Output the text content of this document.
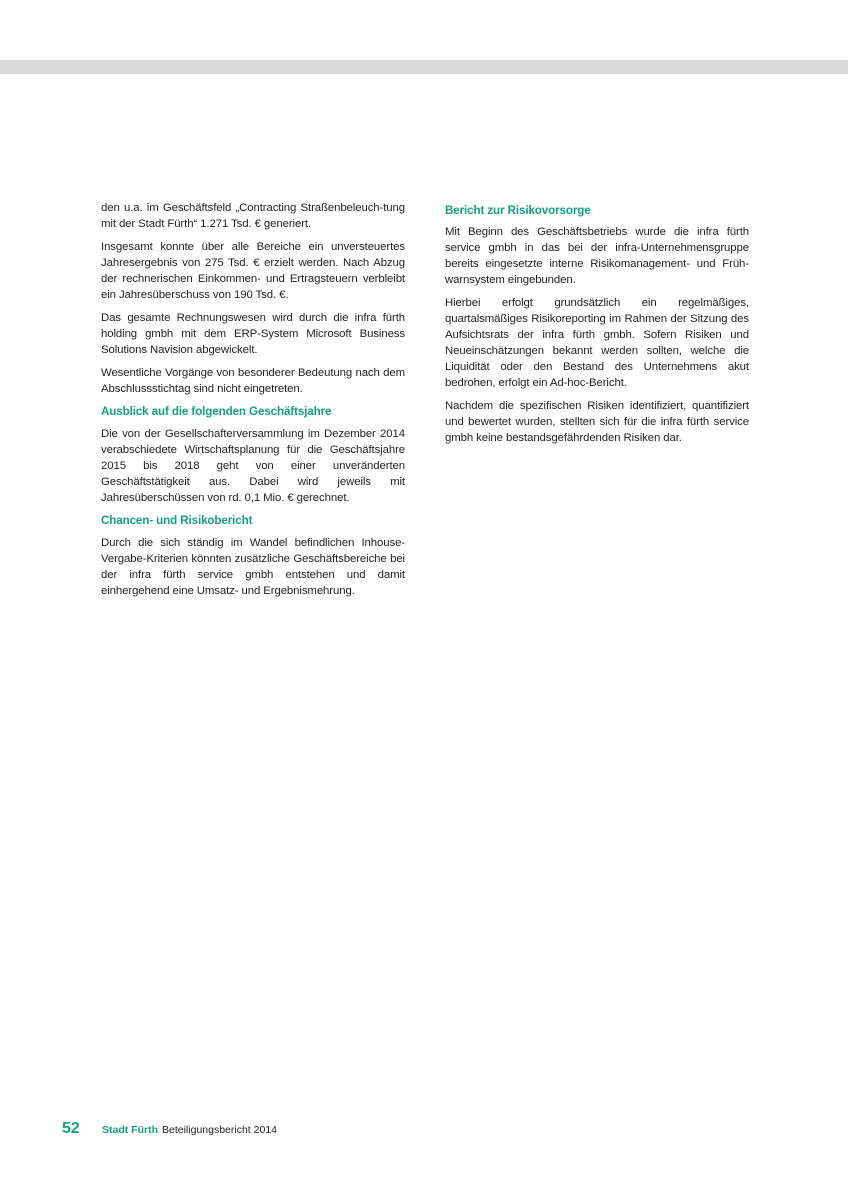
den u.a. im Geschäftsfeld „Contracting Straßenbeleuch-tung mit der Stadt Fürth“ 1.271 Tsd. € generiert.

Insgesamt konnte über alle Bereiche ein unversteuertes Jahresergebnis von 275 Tsd. € erzielt werden. Nach Abzug der rechnerischen Einkommen- und Ertragsteuern verbleibt ein Jahresüberschuss von 190 Tsd. €.

Das gesamte Rechnungswesen wird durch die infra fürth holding gmbh mit dem ERP-System Microsoft Business Solutions Navision abgewickelt.

Wesentliche Vorgänge von besonderer Bedeutung nach dem Abschlussstichtag sind nicht eingetreten.

Ausblick auf die folgenden Geschäftsjahre

Die von der Gesellschafterversammlung im Dezember 2014 verabschiedete Wirtschaftsplanung für die Geschäftsjahre 2015 bis 2018 geht von einer unveränderten Geschäftstätigkeit aus. Dabei wird jeweils mit Jahresüberschüssen von rd. 0,1 Mio. € gerechnet.

Chancen- und Risikobericht

Durch die sich ständig im Wandel befindlichen Inhouse-Vergabe-Kriterien könnten zusätzliche Geschäftsbereiche bei der infra fürth service gmbh entstehen und damit einhergehend eine Umsatz- und Ergebnismehrung.

Bericht zur Risikovorsorge

Mit Beginn des Geschäftsbetriebs wurde die infra fürth service gmbh in das bei der infra-Unternehmensgruppe bereits eingesetzte interne Risikomanagement- und Früh-warnsystem eingebunden.

Hierbei erfolgt grundsätzlich ein regelmäßiges, quartalsmäßiges Risikoreporting im Rahmen der Sitzung des Aufsichtsrats der infra fürth gmbh. Sofern Risiken und Neueinschätzungen bekannt werden sollten, welche die Liquidität oder den Bestand des Unternehmens akut bedrohen, erfolgt ein Ad-hoc-Bericht.

Nachdem die spezifischen Risiken identifiziert, quantifiziert und bewertet wurden, stellten sich für die infra fürth service gmbh keine bestandsgefährdenden Risiken dar.

52	Stadt Fürth Beteiligungsbericht 2014
